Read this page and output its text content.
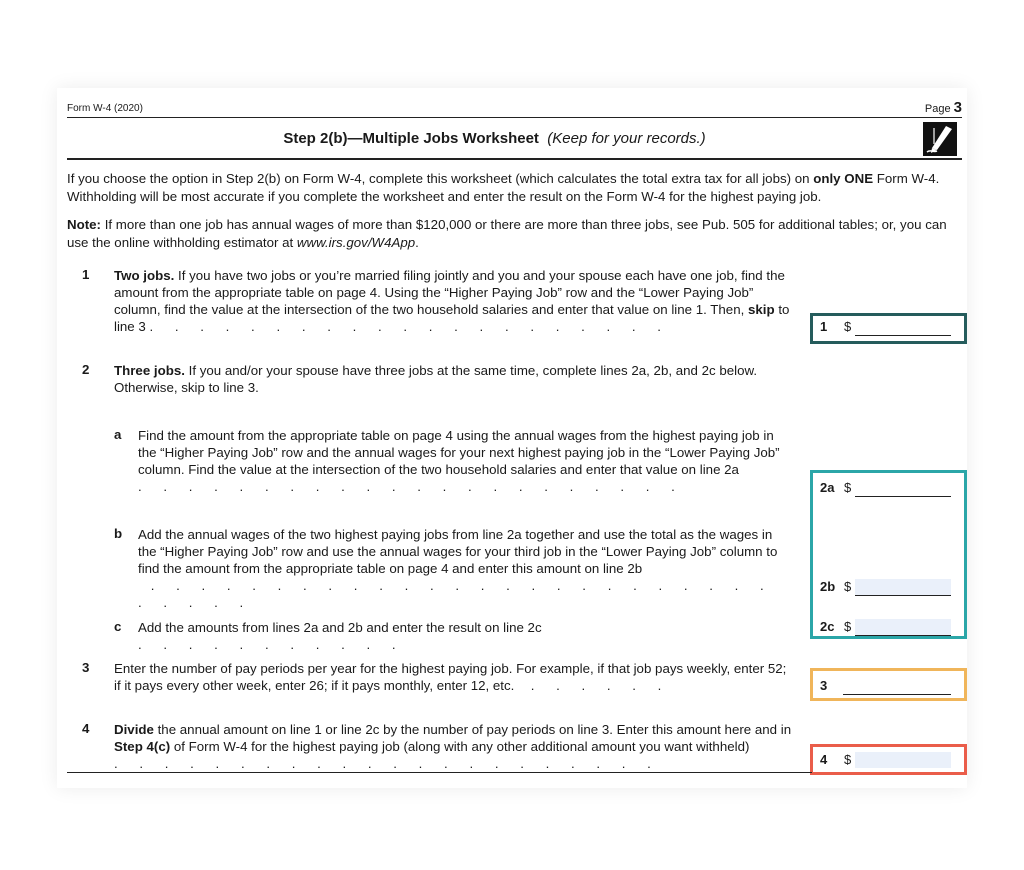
Form W-4 (2020)	Page 3
Step 2(b)—Multiple Jobs Worksheet (Keep for your records.)
If you choose the option in Step 2(b) on Form W-4, complete this worksheet (which calculates the total extra tax for all jobs) on only ONE Form W-4. Withholding will be most accurate if you complete the worksheet and enter the result on the Form W-4 for the highest paying job.
Note: If more than one job has annual wages of more than $120,000 or there are more than three jobs, see Pub. 505 for additional tables; or, you can use the online withholding estimator at www.irs.gov/W4App.
1 Two jobs. If you have two jobs or you’re married filing jointly and you and your spouse each have one job, find the amount from the appropriate table on page 4. Using the “Higher Paying Job” row and the “Lower Paying Job” column, find the value at the intersection of the two household salaries and enter that value on line 1. Then, skip to line 3 . . . . . . . . . . . . . . . . . . . . .	1 $
2 Three jobs. If you and/or your spouse have three jobs at the same time, complete lines 2a, 2b, and 2c below. Otherwise, skip to line 3.
a Find the amount from the appropriate table on page 4 using the annual wages from the highest paying job in the “Higher Paying Job” row and the annual wages for your next highest paying job in the “Lower Paying Job” column. Find the value at the intersection of the two household salaries and enter that value on line 2a . . . . . . . . . . . . . . . . . . . . . .
b Add the annual wages of the two highest paying jobs from line 2a together and use the total as the wages in the “Higher Paying Job” row and use the annual wages for your third job in the “Lower Paying Job” column to find the amount from the appropriate table on page 4 and enter this amount on line 2b  . . . . . . . . . . . . . . . . . . . . . . . . . . . . . .
c Add the amounts from lines 2a and 2b and enter the result on line 2c . . . . . . . . . . .
2a $
2b $
2c $
3 Enter the number of pay periods per year for the highest paying job. For example, if that job pays weekly, enter 52; if it pays every other week, enter 26; if it pays monthly, enter 12, etc.  . . . . . .	3
4 Divide the annual amount on line 1 or line 2c by the number of pay periods on line 3. Enter this amount here and in Step 4(c) of Form W-4 for the highest paying job (along with any other additional amount you want withheld) . . . . . . . . . . . . . . . . . . . . . .	4 $
